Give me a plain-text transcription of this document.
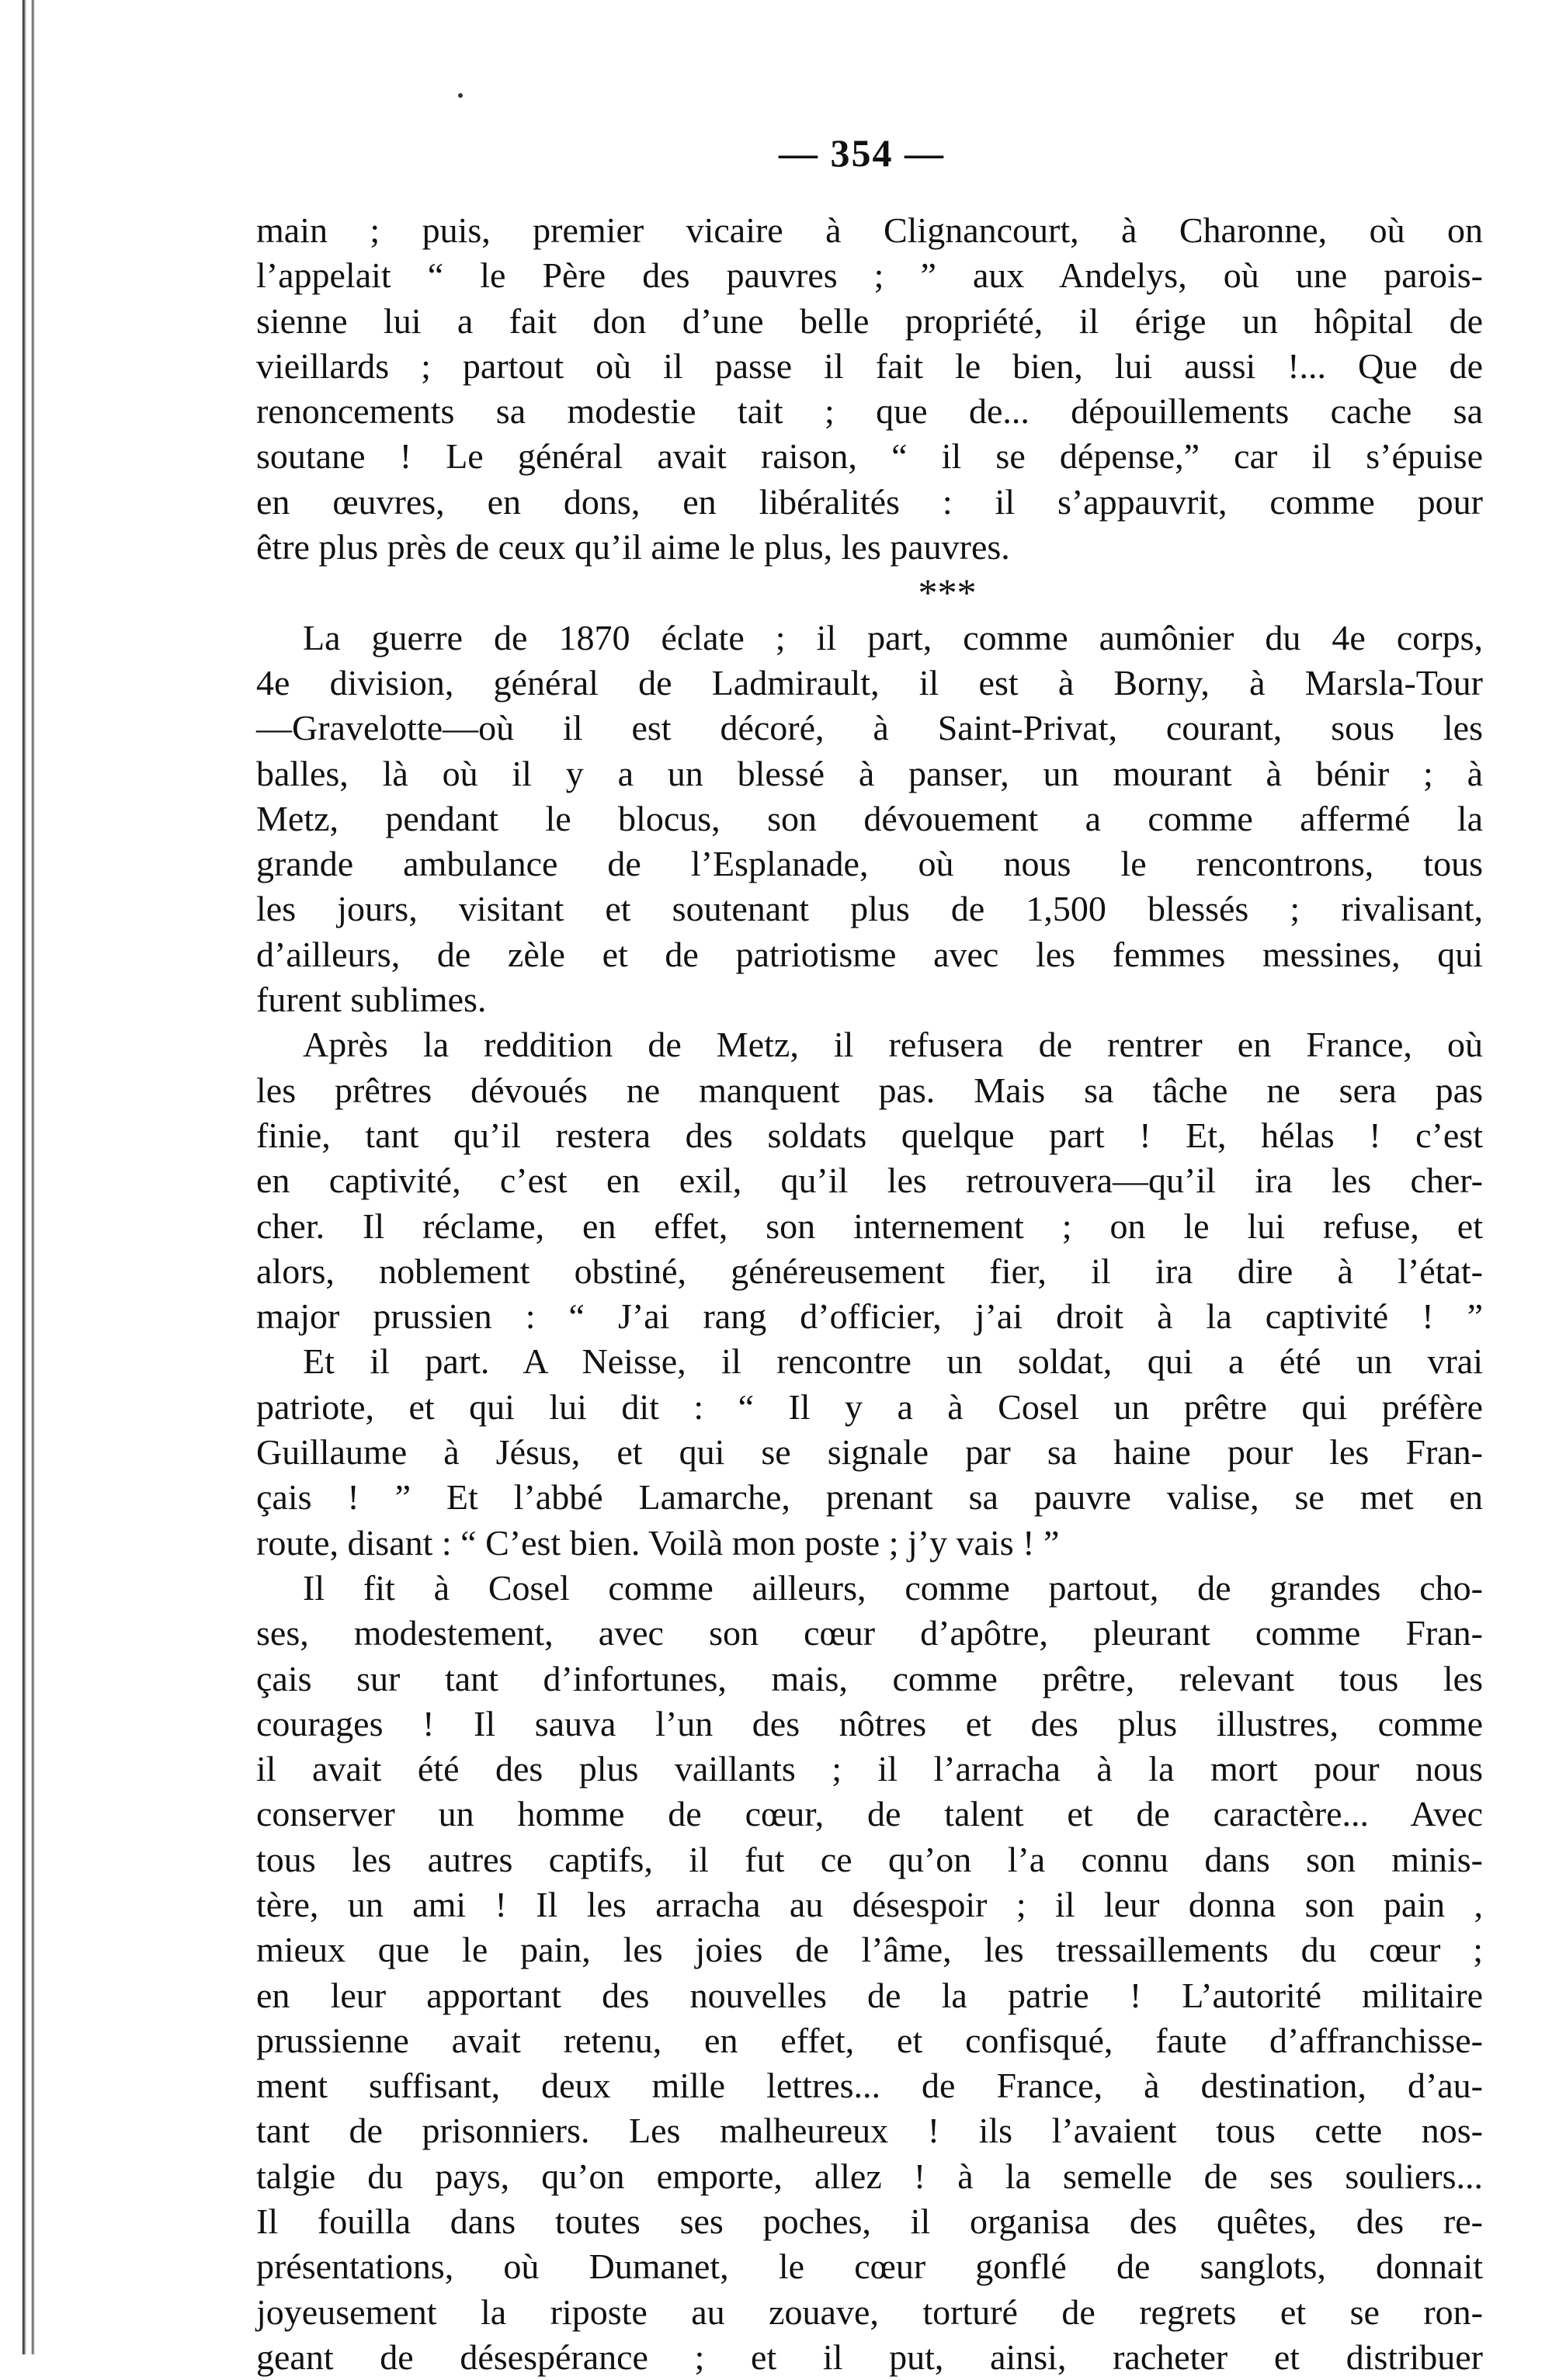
— 354 —
main ; puis, premier vicaire à Clignancourt, à Charonne, où on
l’appelait “ le Père des pauvres ; ” aux Andelys, où une parois-
sienne lui a fait don d’une belle propriété, il érige un hôpital de
vieillards ; partout où il passe il fait le bien, lui aussi !... Que de
renoncements sa modestie tait ; que de... dépouillements cache sa
soutane ! Le général avait raison, “ il se dépense,” car il s’épuise
en œuvres, en dons, en libéralités : il s’appauvrit, comme pour
être plus près de ceux qu’il aime le plus, les pauvres.
***
La guerre de 1870 éclate ; il part, comme aumônier du 4e corps,
4e division, général de Ladmirault, il est à Borny, à Marsla-Tour
—Gravelotte—où il est décoré, à Saint-Privat, courant, sous les
balles, là où il y a un blessé à panser, un mourant à bénir ; à
Metz, pendant le blocus, son dévouement a comme affermé la
grande ambulance de l’Esplanade, où nous le rencontrons, tous
les jours, visitant et soutenant plus de 1,500 blessés ; rivalisant,
d’ailleurs, de zèle et de patriotisme avec les femmes messines, qui
furent sublimes.
Après la reddition de Metz, il refusera de rentrer en France, où
les prêtres dévoués ne manquent pas. Mais sa tâche ne sera pas
finie, tant qu’il restera des soldats quelque part ! Et, hélas ! c’est
en captivité, c’est en exil, qu’il les retrouvera—qu’il ira les cher-
cher. Il réclame, en effet, son internement ; on le lui refuse, et
alors, noblement obstiné, généreusement fier, il ira dire à l’état-
major prussien : “ J’ai rang d’officier, j’ai droit à la captivité ! ”
Et il part. A Neisse, il rencontre un soldat, qui a été un vrai
patriote, et qui lui dit : “ Il y a à Cosel un prêtre qui préfère
Guillaume à Jésus, et qui se signale par sa haine pour les Fran-
çais ! ” Et l’abbé Lamarche, prenant sa pauvre valise, se met en
route, disant : “ C’est bien. Voilà mon poste ; j’y vais ! ”
Il fit à Cosel comme ailleurs, comme partout, de grandes cho-
ses, modestement, avec son cœur d’apôtre, pleurant comme Fran-
çais sur tant d’infortunes, mais, comme prêtre, relevant tous les
courages ! Il sauva l’un des nôtres et des plus illustres, comme
il avait été des plus vaillants ; il l’arracha à la mort pour nous
conserver un homme de cœur, de talent et de caractère... Avec
tous les autres captifs, il fut ce qu’on l’a connu dans son minis-
tère, un ami ! Il les arracha au désespoir ; il leur donna son pain ,
mieux que le pain, les joies de l’âme, les tressaillements du cœur ;
en leur apportant des nouvelles de la patrie ! L’autorité militaire
prussienne avait retenu, en effet, et confisqué, faute d’affranchisse-
ment suffisant, deux mille lettres... de France, à destination, d’au-
tant de prisonniers. Les malheureux ! ils l’avaient tous cette nos-
talgie du pays, qu’on emporte, allez ! à la semelle de ses souliers...
Il fouilla dans toutes ses poches, il organisa des quêtes, des re-
présentations, où Dumanet, le cœur gonflé de sanglots, donnait
joyeusement la riposte au zouave, torturé de regrets et se ron-
geant de désespérance ; et il put, ainsi, racheter et distribuer
